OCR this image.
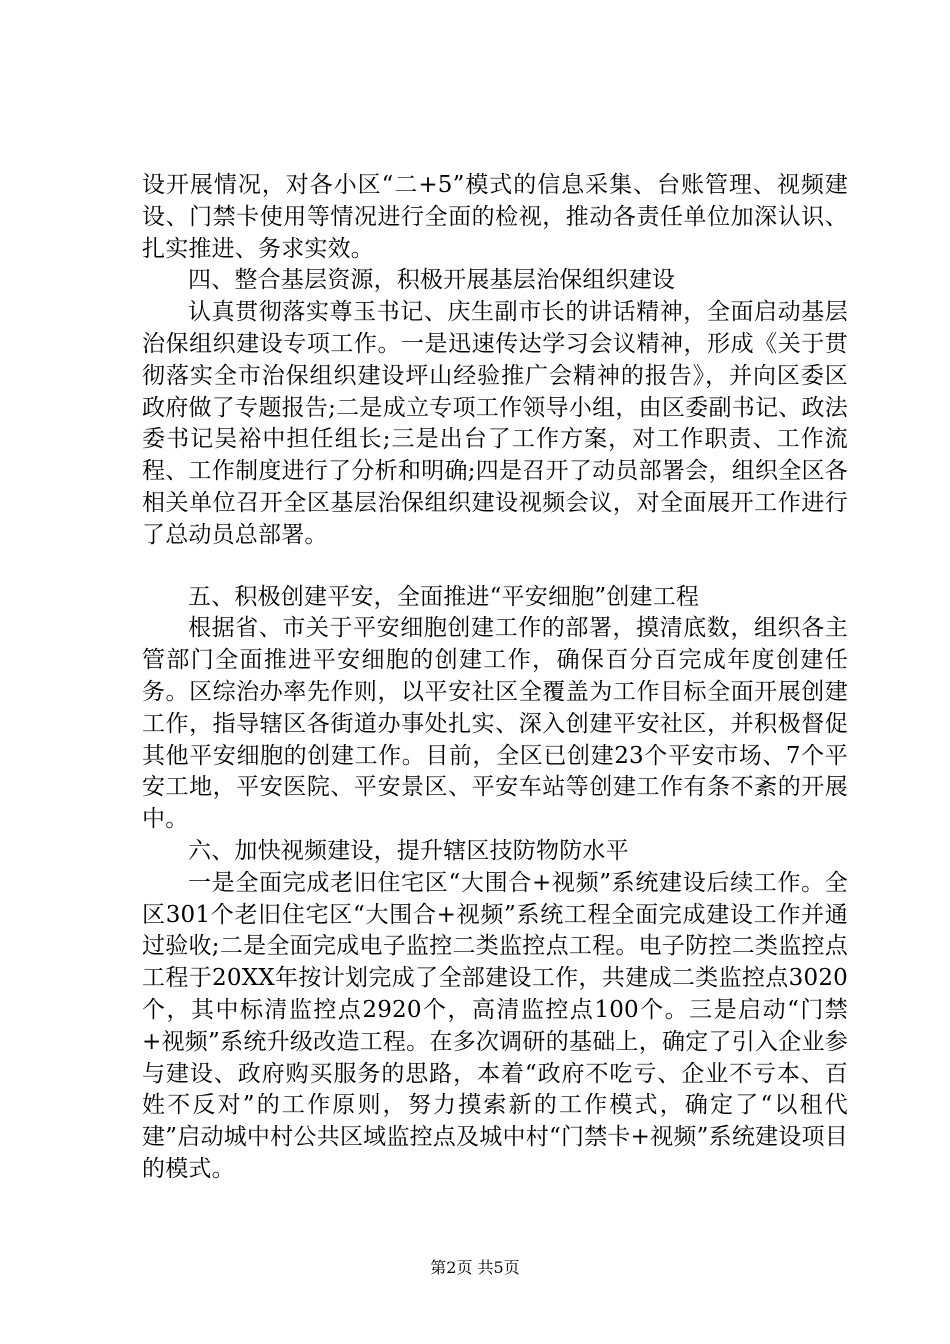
设开展情况，对各小区“二+5”模式的信息采集、台账管理、视频建设、门禁卡使用等情况进行全面的检视，推动各责任单位加深认识、扎实推进、务求实效。

四、整合基层资源，积极开展基层治保组织建设

认真贯彻落实尊玉书记、庆生副市长的讲话精神，全面启动基层治保组织建设专项工作。一是迅速传达学习会议精神，形成《关于贯彻落实全市治保组织建设坪山经验推广会精神的报告》，并向区委区政府做了专题报告;二是成立专项工作领导小组，由区委副书记、政法委书记吴裕中担任组长;三是出台了工作方案，对工作职责、工作流程、工作制度进行了分析和明确;四是召开了动员部署会，组织全区各相关单位召开全区基层治保组织建设视频会议，对全面展开工作进行了总动员总部署。

五、积极创建平安，全面推进“平安细胞”创建工程

根据省、市关于平安细胞创建工作的部署，摸清底数，组织各主管部门全面推进平安细胞的创建工作，确保百分百完成年度创建任务。区综治办率先作则，以平安社区全覆盖为工作目标全面开展创建工作，指导辖区各街道办事处扎实、深入创建平安社区，并积极督促其他平安细胞的创建工作。目前，全区已创建23个平安市场、7个平安工地，平安医院、平安景区、平安车站等创建工作有条不紊的开展中。

六、加快视频建设，提升辖区技防物防水平

一是全面完成老旧住宅区“大围合+视频”系统建设后续工作。全区301个老旧住宅区“大围合+视频”系统工程全面完成建设工作并通过验收;二是全面完成电子监控二类监控点工程。电子防控二类监控点工程于20XX年按计划完成了全部建设工作，共建成二类监控点3020个，其中标清监控点2920个，高清监控点100个。三是启动“门禁+视频”系统升级改造工程。在多次调研的基础上，确定了引入企业参与建设、政府购买服务的思路，本着“政府不吃亏、企业不亏本、百姓不反对”的工作原则，努力摸索新的工作模式，确定了“以租代建”启动城中村公共区域监控点及城中村“门禁卡+视频”系统建设项目的模式。

第2页 共5页
